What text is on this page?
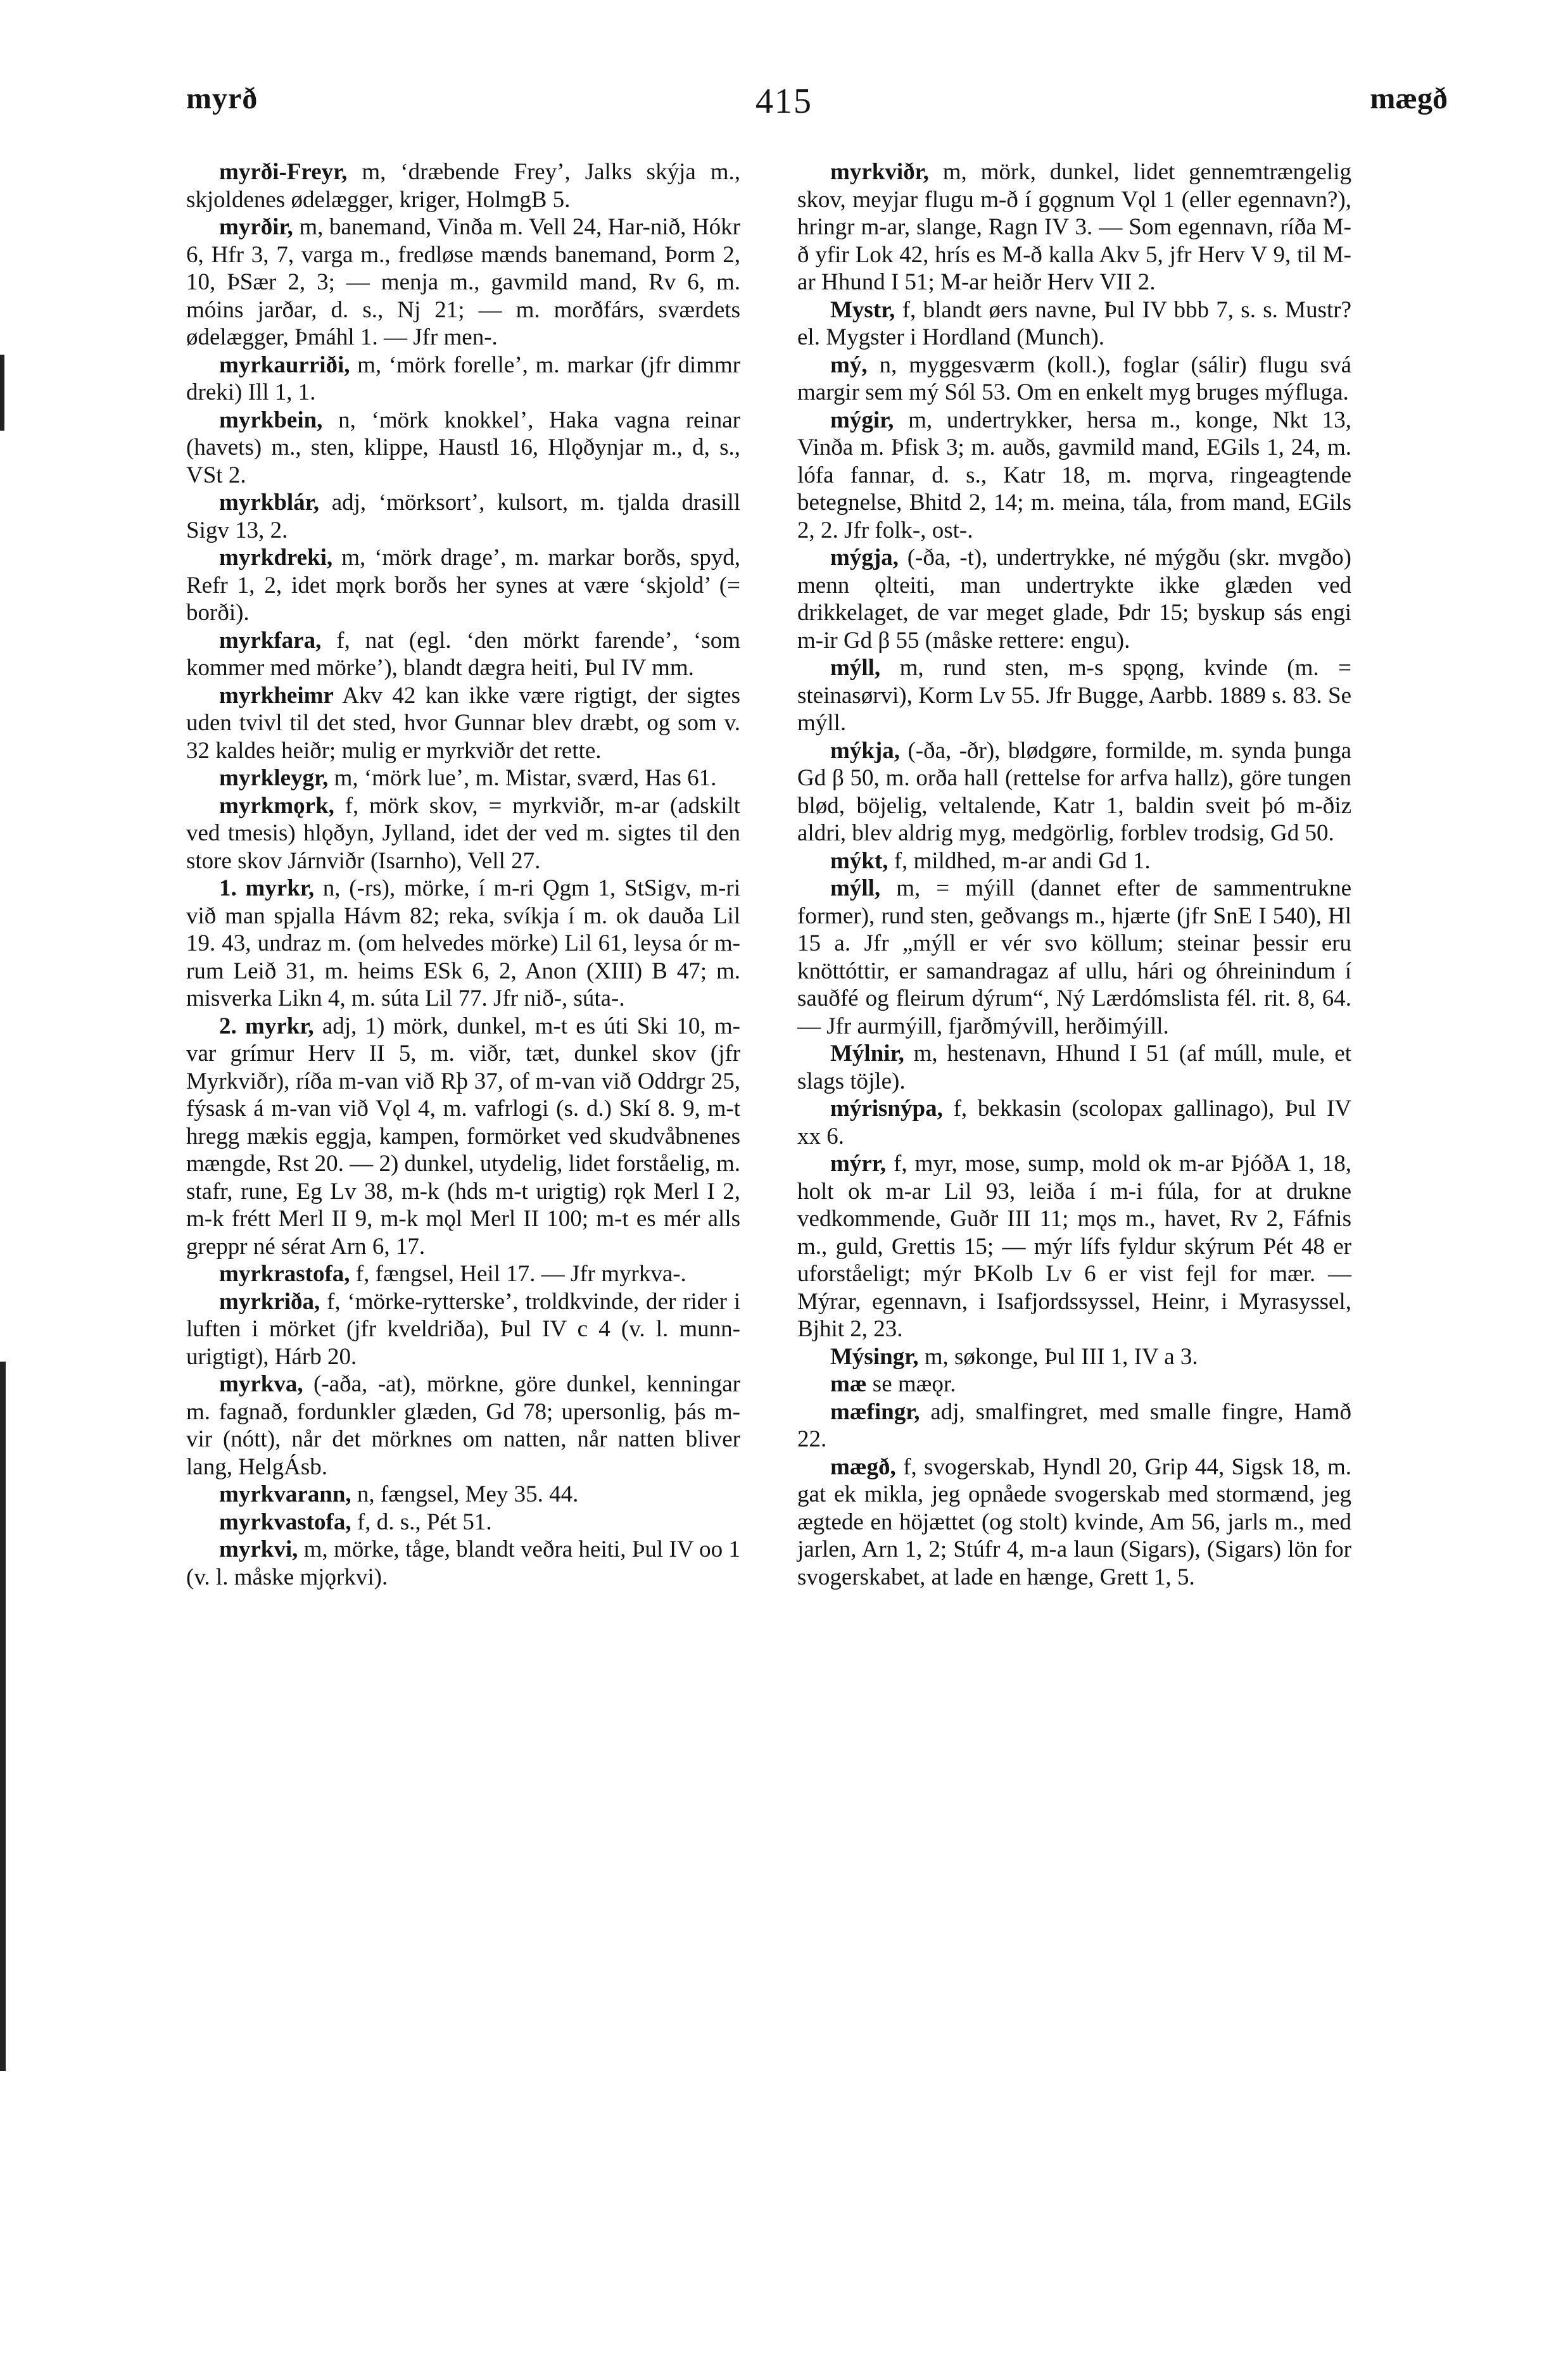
myrð	415	mægð

myrði-Freyr, m, ‘dræbende Frey’, Jalks skýja m., skjoldenes ødelægger, kriger, HolmgB 5.

myrðir, m, banemand, Vinða m. Vell 24, Har-nið, Hókr 6, Hfr 3, 7, varga m., fredløse mænds banemand, Þorm 2, 10, ÞSær 2, 3; — menja m., gavmild mand, Rv 6, m. móins jarðar, d. s., Nj 21; — m. morðfárs, sværdets ødelægger, Þmáhl 1. — Jfr men-.

myrkaurriði, m, ‘mörk forelle’, m. markar (jfr dimmr dreki) Ill 1, 1.

myrkbein, n, ‘mörk knokkel’, Haka vagna reinar (havets) m., sten, klippe, Haustl 16, Hlǫðynjar m., d, s., VSt 2.

myrkblár, adj, ‘mörksort’, kulsort, m. tjalda drasill Sigv 13, 2.

myrkdreki, m, ‘mörk drage’, m. markar borðs, spyd, Refr 1, 2, idet mǫrk borðs her synes at være ‘skjold’ (= borði).

myrkfara, f, nat (egl. ‘den mörkt farende’, ‘som kommer med mörke’), blandt dægra heiti, Þul IV mm.

myrkheimr Akv 42 kan ikke være rigtigt, der sigtes uden tvivl til det sted, hvor Gunnar blev dræbt, og som v. 32 kaldes heiðr; mulig er myrkviðr det rette.

myrkleygr, m, ‘mörk lue’, m. Mistar, sværd, Has 61.

myrkmǫrk, f, mörk skov, = myrkviðr, m-ar (adskilt ved tmesis) hlǫðyn, Jylland, idet der ved m. sigtes til den store skov Járnviðr (Isarnho), Vell 27.

1. myrkr, n, (-rs), mörke, í m-ri Ǫgm 1, StSigv, m-ri við man spjalla Hávm 82; reka, svíkja í m. ok dauða Lil 19. 43, undraz m. (om helvedes mörke) Lil 61, leysa ór m-rum Leið 31, m. heims ESk 6, 2, Anon (XIII) B 47; m. misverka Likn 4, m. súta Lil 77. Jfr nið-, súta-.

2. myrkr, adj, 1) mörk, dunkel, m-t es úti Ski 10, m-var grímur Herv II 5, m. viðr, tæt, dunkel skov (jfr Myrkviðr), ríða m-van við Rþ 37, of m-van við Oddrgr 25, fýsask á m-van við Vǫl 4, m. vafrlogi (s. d.) Skí 8. 9, m-t hregg mækis eggja, kampen, formörket ved skudvåbnenes mængde, Rst 20. — 2) dunkel, utydelig, lidet forståelig, m. stafr, rune, Eg Lv 38, m-k (hds m-t urigtig) rǫk Merl I 2, m-k frétt Merl II 9, m-k mǫl Merl II 100; m-t es mér alls greppr né sérat Arn 6, 17.

myrkrastofa, f, fængsel, Heil 17. — Jfr myrkva-.

myrkriða, f, ‘mörke-rytterske’, troldkvinde, der rider i luften i mörket (jfr kveldriða), Þul IV c 4 (v. l. munn- urigtigt), Hárb 20.

myrkva, (-aða, -at), mörkne, göre dunkel, kenningar m. fagnað, fordunkler glæden, Gd 78; upersonlig, þás m-vir (nótt), når det mörknes om natten, når natten bliver lang, HelgÁsb.

myrkvarann, n, fængsel, Mey 35. 44.

myrkvastofa, f, d. s., Pét 51.

myrkvi, m, mörke, tåge, blandt veðra heiti, Þul IV oo 1 (v. l. måske mjǫrkvi).

myrkviðr, m, mörk, dunkel, lidet gennemtrængelig skov, meyjar flugu m-ð í gǫgnum Vǫl 1 (eller egennavn?), hringr m-ar, slange, Ragn IV 3. — Som egennavn, ríða M-ð yfir Lok 42, hrís es M-ð kalla Akv 5, jfr Herv V 9, til M-ar Hhund I 51; M-ar heiðr Herv VII 2.

Mystr, f, blandt øers navne, Þul IV bbb 7, s. s. Mustr? el. Mygster i Hordland (Munch).

mý, n, myggesværm (koll.), foglar (sálir) flugu svá margir sem mý Sól 53. Om en enkelt myg bruges mýfluga.

mýgir, m, undertrykker, hersa m., konge, Nkt 13, Vinða m. Þfisk 3; m. auðs, gavmild mand, EGils 1, 24, m. lófa fannar, d. s., Katr 18, m. mǫrva, ringeagtende betegnelse, Bhitd 2, 14; m. meina, tála, from mand, EGils 2, 2. Jfr folk-, ost-.

mýgja, (-ða, -t), undertrykke, né mýgðu (skr. mvgðo) menn ǫlteiti, man undertrykte ikke glæden ved drikkelaget, de var meget glade, Þdr 15; byskup sás engi m-ir Gd β 55 (måske rettere: engu).

mýll, m, rund sten, m-s spǫng, kvinde (m. = steinasørvi), Korm Lv 55. Jfr Bugge, Aarbb. 1889 s. 83. Se mýll.

mýkja, (-ða, -ðr), blødgøre, formilde, m. synda þunga Gd β 50, m. orða hall (rettelse for arfva hallz), göre tungen blød, böjelig, veltalende, Katr 1, baldin sveit þó m-ðiz aldri, blev aldrig myg, medgörlig, forblev trodsig, Gd 50.

mýkt, f, mildhed, m-ar andi Gd 1.

mýll, m, = mýill (dannet efter de sammentrukne former), rund sten, geðvangs m., hjærte (jfr SnE I 540), Hl 15 a. Jfr „mýll er vér svo köllum; steinar þessir eru knöttóttir, er samandragaz af ullu, hári og óhreinindum í sauðfé og fleirum dýrum“, Ný Lærdómslista fél. rit. 8, 64. — Jfr aurmýill, fjarðmývill, herðimýill.

Mýlnir, m, hestenavn, Hhund I 51 (af múll, mule, et slags töjle).

mýrisnýpa, f, bekkasin (scolopax gallinago), Þul IV xx 6.

mýrr, f, myr, mose, sump, mold ok m-ar ÞjóðA 1, 18, holt ok m-ar Lil 93, leiða í m-i fúla, for at drukne vedkommende, Guðr III 11; mǫs m., havet, Rv 2, Fáfnis m., guld, Grettis 15; — mýr lífs fyldur skýrum Pét 48 er uforståeligt; mýr ÞKolb Lv 6 er vist fejl for mær. — Mýrar, egennavn, i Isafjordssyssel, Heinr, i Myrasyssel, Bjhit 2, 23.

Mýsingr, m, søkonge, Þul III 1, IV a 3.

mæ se mæǫr.

mæfingr, adj, smalfingret, med smalle fingre, Hamð 22.

mægð, f, svogerskab, Hyndl 20, Grip 44, Sigsk 18, m. gat ek mikla, jeg opnåede svogerskab med stormænd, jeg ægtede en höjættet (og stolt) kvinde, Am 56, jarls m., med jarlen, Arn 1, 2; Stúfr 4, m-a laun (Sigars), (Sigars) lön for svogerskabet, at lade en hænge, Grett 1, 5.
